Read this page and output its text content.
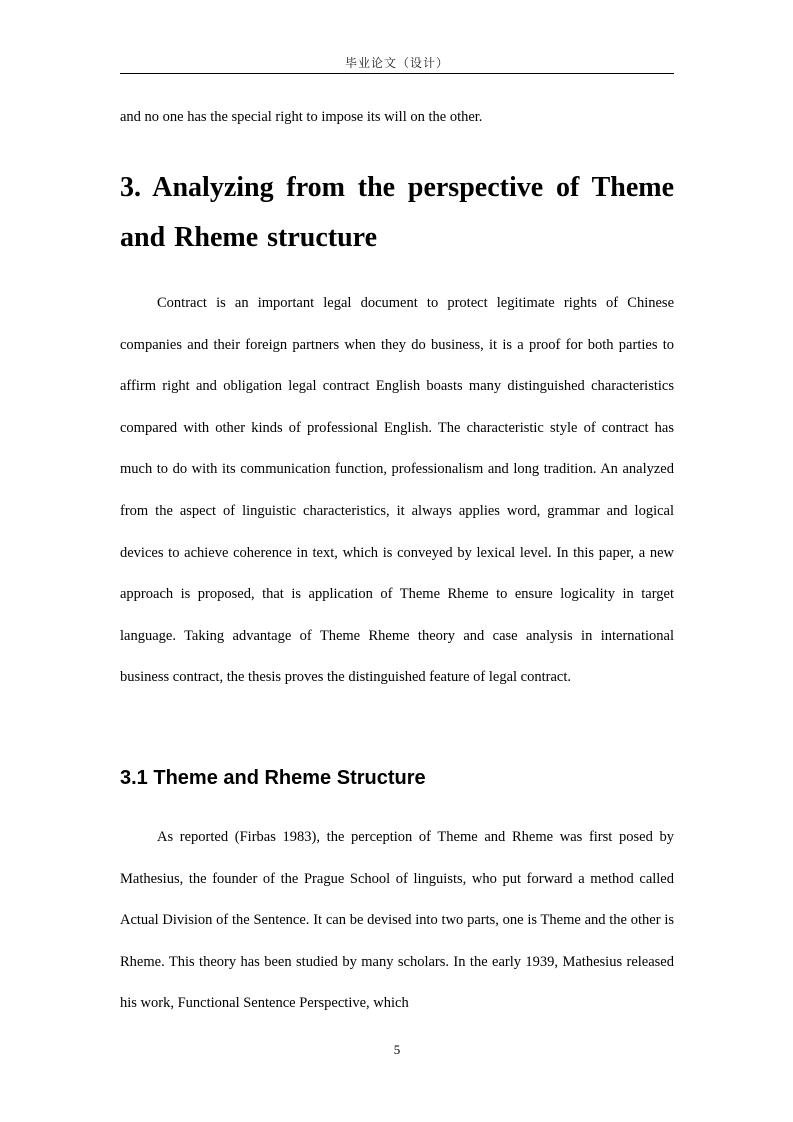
毕业论文（设计）

and no one has the special right to impose its will on the other.

3. Analyzing from the perspective of Theme and Rheme structure

Contract is an important legal document to protect legitimate rights of Chinese companies and their foreign partners when they do business, it is a proof for both parties to affirm right and obligation legal contract English boasts many distinguished characteristics compared with other kinds of professional English. The characteristic style of contract has much to do with its communication function, professionalism and long tradition. An analyzed from the aspect of linguistic characteristics, it always applies word, grammar and logical devices to achieve coherence in text, which is conveyed by lexical level. In this paper, a new approach is proposed, that is application of Theme Rheme to ensure logicality in target language. Taking advantage of Theme Rheme theory and case analysis in international business contract, the thesis proves the distinguished feature of legal contract.

3.1 Theme and Rheme Structure

As reported (Firbas 1983), the perception of Theme and Rheme was first posed by Mathesius, the founder of the Prague School of linguists, who put forward a method called Actual Division of the Sentence. It can be devised into two parts, one is Theme and the other is Rheme. This theory has been studied by many scholars. In the early 1939, Mathesius released his work, Functional Sentence Perspective, which

5
